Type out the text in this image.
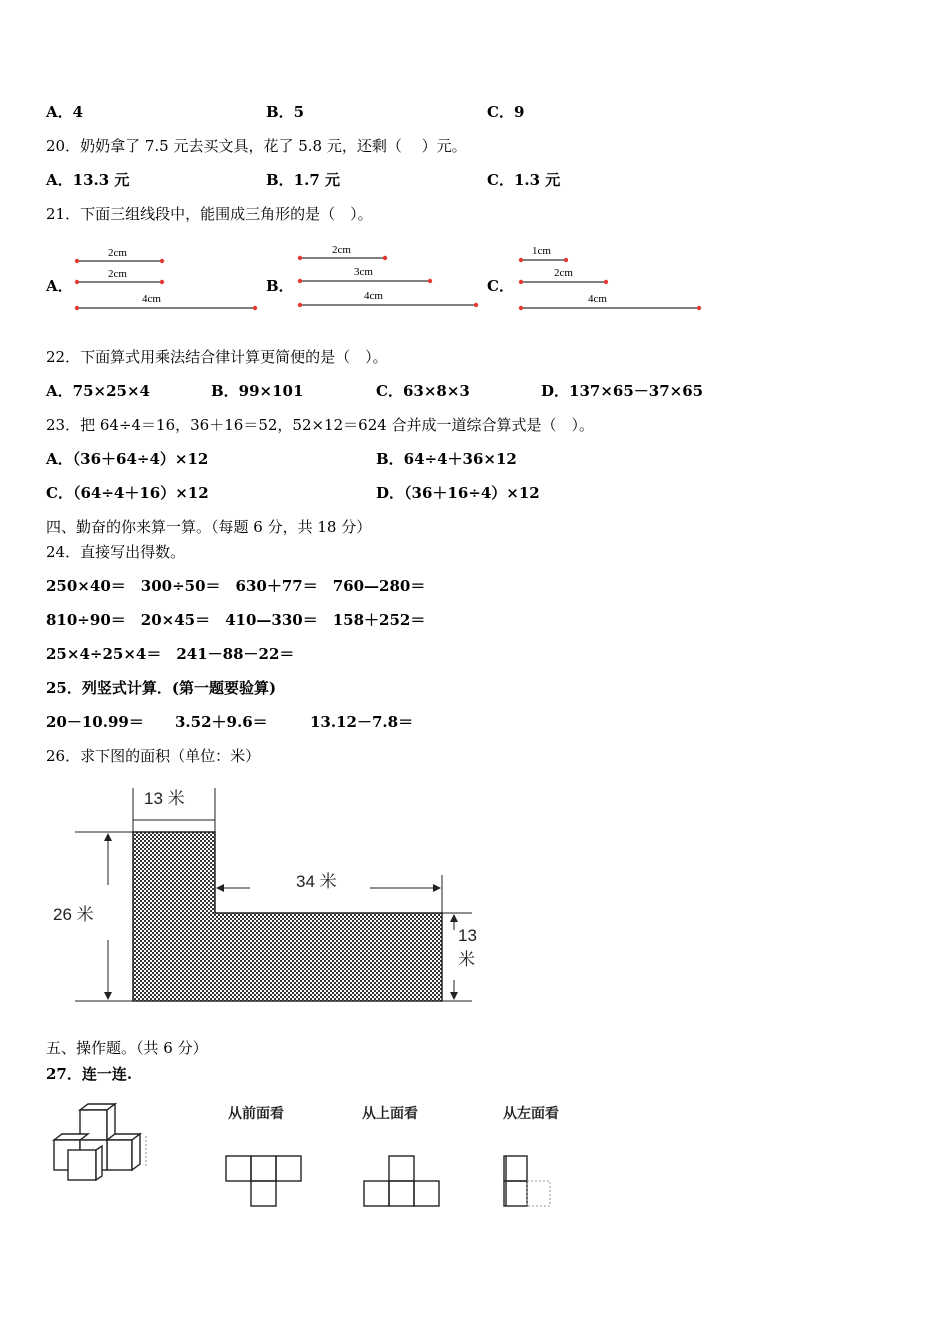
A．4	B．5	C．9
20．奶奶拿了 7.5 元去买文具，花了 5.8 元，还剩（　 ）元。
A．13.3 元	B．1.7 元	C．1.3 元
21．下面三组线段中，能围成三角形的是（　）。
A．	B．	C．
2cm
2cm
4cm
2cm
3cm
4cm
1cm
2cm
4cm
22．下面算式用乘法结合律计算更简便的是（　）。
A．75×25×4	B．99×101	C．63×8×3	D．137×65－37×65
23．把 64÷4＝16，36＋16＝52，52×12＝624 合并成一道综合算式是（　）。
A．（36＋64÷4）×12	B．64÷4＋36×12
C．（64÷4＋16）×12	D．（36＋16÷4）×12
四、勤奋的你来算一算。（每题 6 分，共 18 分）
24．直接写出得数。
250×40＝　300÷50＝　630＋77＝　760—280＝
810÷90＝　20×45＝　410—330＝　158＋252＝
25×4÷25×4＝　241－88－22＝
25．列竖式计算．(第一题要验算)
20－10.99＝ 3.52＋9.6＝	13.12－7.8＝
26．求下图的面积（单位：米）
13 米
34 米
26 米
13
米
五、操作题。（共 6 分）
27．连一连.
从前面看	从上面看	从左面看
